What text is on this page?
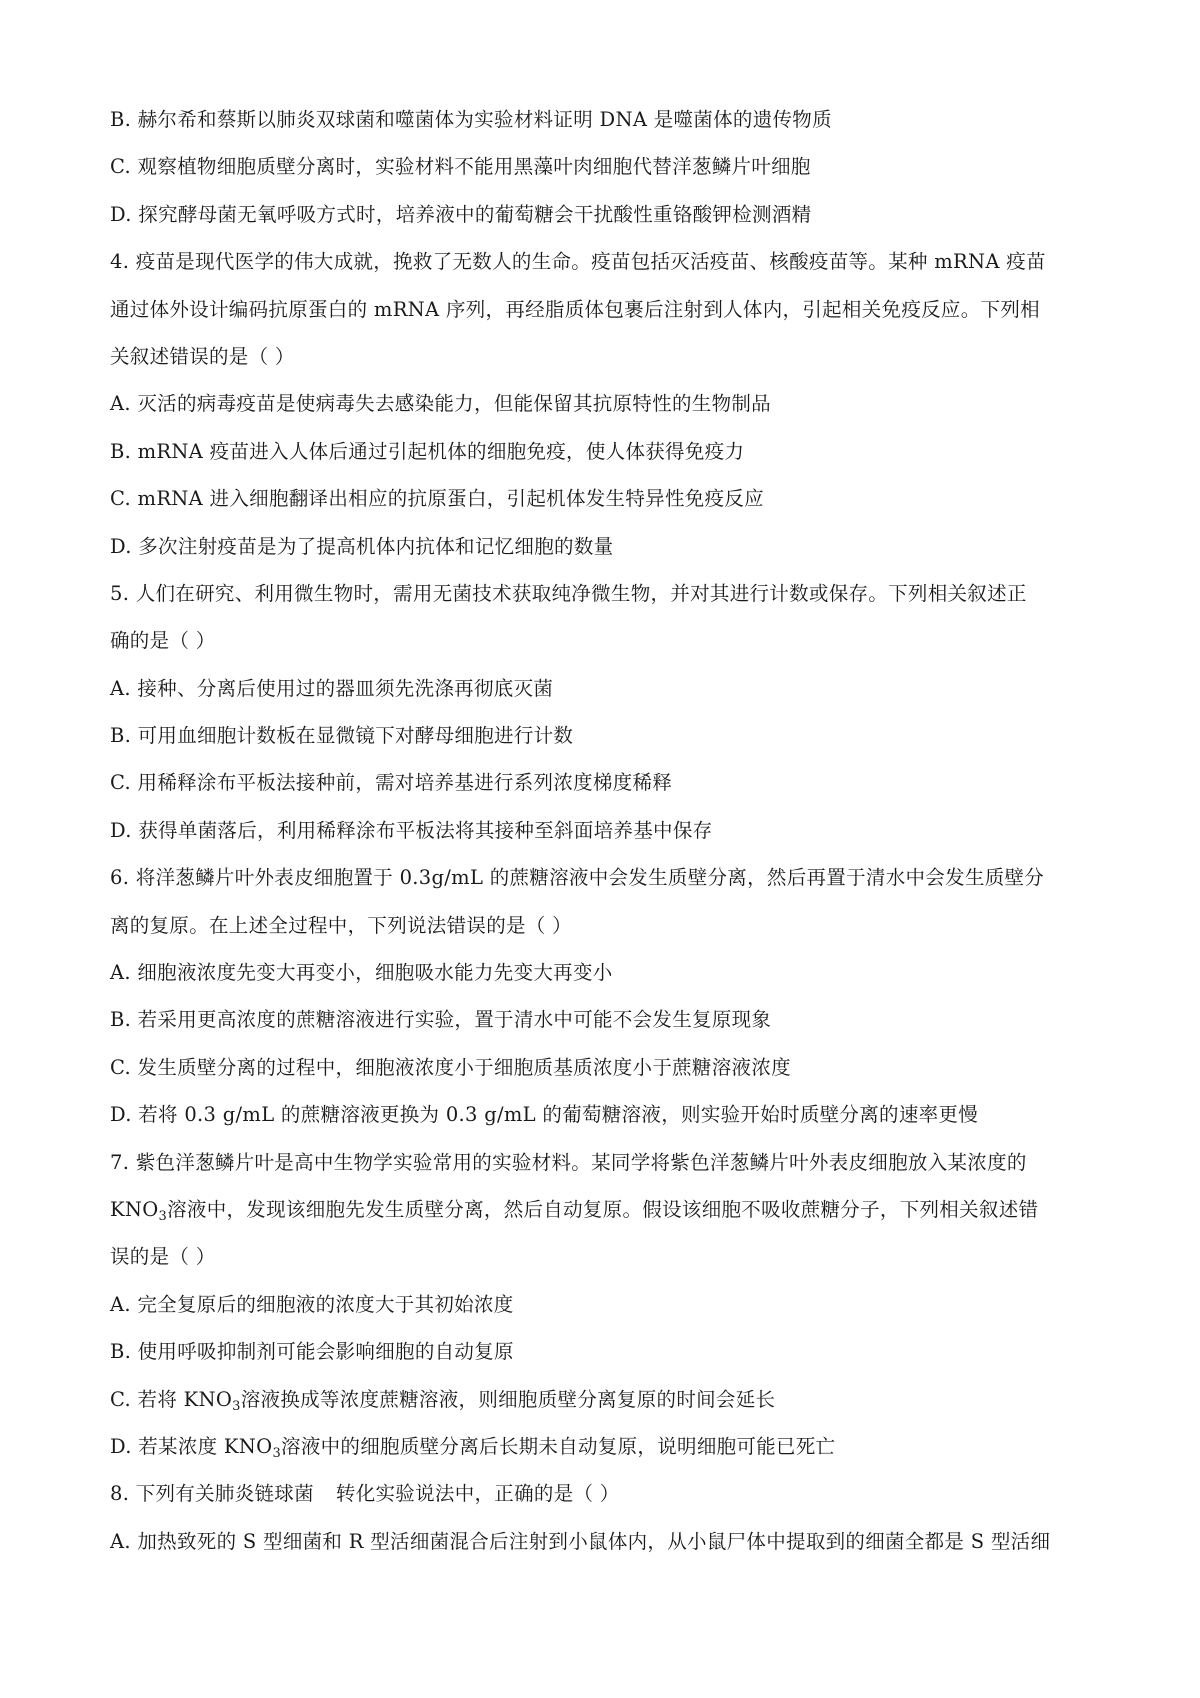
B. 赫尔希和蔡斯以肺炎双球菌和噬菌体为实验材料证明 DNA 是噬菌体的遗传物质
C. 观察植物细胞质壁分离时，实验材料不能用黑藻叶肉细胞代替洋葱鳞片叶细胞
D. 探究酵母菌无氧呼吸方式时，培养液中的葡萄糖会干扰酸性重铬酸钾检测酒精
4. 疫苗是现代医学的伟大成就，挽救了无数人的生命。疫苗包括灭活疫苗、核酸疫苗等。某种 mRNA 疫苗
通过体外设计编码抗原蛋白的 mRNA 序列，再经脂质体包裹后注射到人体内，引起相关免疫反应。下列相
关叙述错误的是（ ）
A. 灭活的病毒疫苗是使病毒失去感染能力，但能保留其抗原特性的生物制品
B. mRNA 疫苗进入人体后通过引起机体的细胞免疫，使人体获得免疫力
C. mRNA 进入细胞翻译出相应的抗原蛋白，引起机体发生特异性免疫反应
D. 多次注射疫苗是为了提高机体内抗体和记忆细胞的数量
5. 人们在研究、利用微生物时，需用无菌技术获取纯净微生物，并对其进行计数或保存。下列相关叙述正
确的是（ ）
A. 接种、分离后使用过的器皿须先洗涤再彻底灭菌
B. 可用血细胞计数板在显微镜下对酵母细胞进行计数
C. 用稀释涂布平板法接种前，需对培养基进行系列浓度梯度稀释
D. 获得单菌落后，利用稀释涂布平板法将其接种至斜面培养基中保存
6. 将洋葱鳞片叶外表皮细胞置于 0.3g/mL 的蔗糖溶液中会发生质壁分离，然后再置于清水中会发生质壁分
离的复原。在上述全过程中，下列说法错误的是（ ）
A. 细胞液浓度先变大再变小，细胞吸水能力先变大再变小
B. 若采用更高浓度的蔗糖溶液进行实验，置于清水中可能不会发生复原现象
C. 发生质壁分离的过程中，细胞液浓度小于细胞质基质浓度小于蔗糖溶液浓度
D. 若将 0.3 g/mL 的蔗糖溶液更换为 0.3 g/mL 的葡萄糖溶液，则实验开始时质壁分离的速率更慢
7. 紫色洋葱鳞片叶是高中生物学实验常用的实验材料。某同学将紫色洋葱鳞片叶外表皮细胞放入某浓度的
$KNO_3$溶液中，发现该细胞先发生质壁分离，然后自动复原。假设该细胞不吸收蔗糖分子，下列相关叙述错
误的是（ ）
A. 完全复原后的细胞液的浓度大于其初始浓度
B. 使用呼吸抑制剂可能会影响细胞的自动复原
C. 若将 $KNO_3$溶液换成等浓度蔗糖溶液，则细胞质壁分离复原的时间会延长
D. 若某浓度 $KNO_3$溶液中的细胞质壁分离后长期未自动复原，说明细胞可能已死亡
8. 下列有关肺炎链球菌 转化实验说法中，正确的是（ ）
A. 加热致死的 S 型细菌和 R 型活细菌混合后注射到小鼠体内，从小鼠尸体中提取到的细菌全都是 S 型活细
